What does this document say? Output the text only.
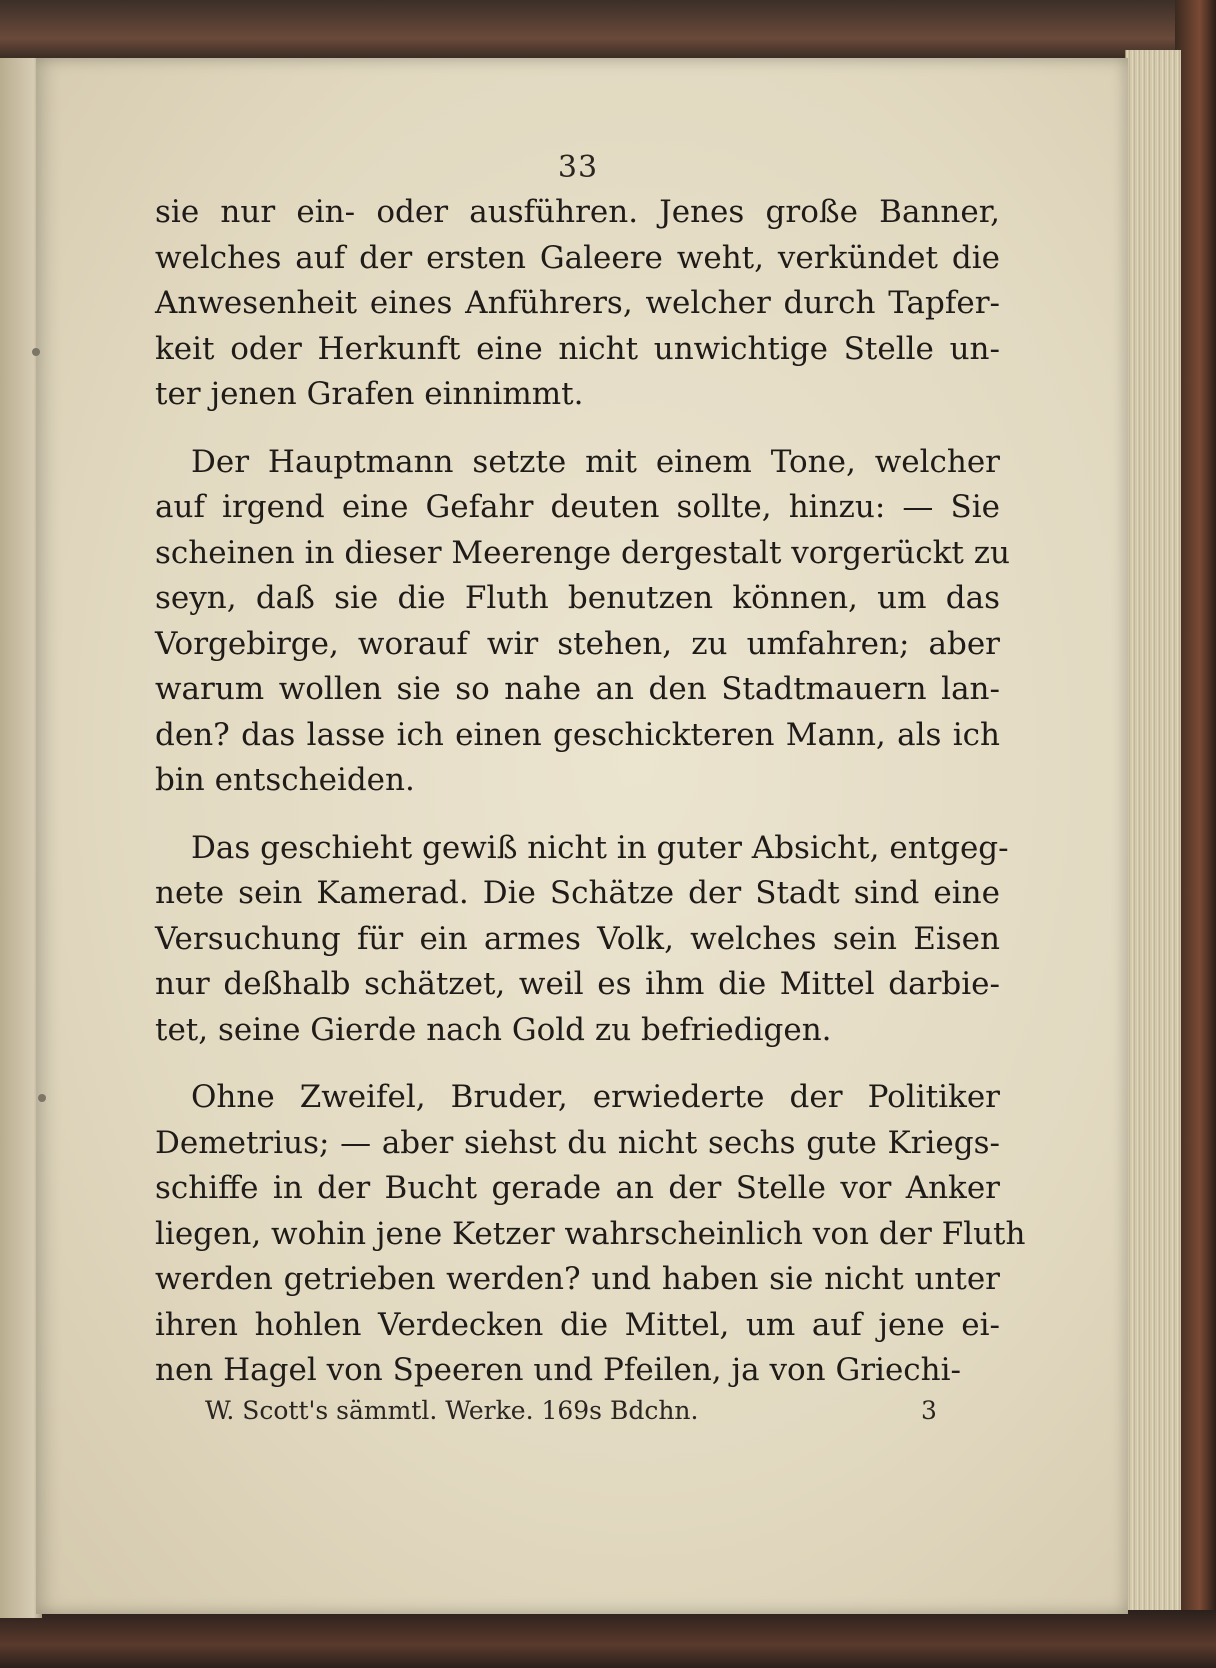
33
sie nur ein- oder ausführen. Jenes große Banner,
welches auf der ersten Galeere weht, verkündet die
Anwesenheit eines Anführers, welcher durch Tapfer-
keit oder Herkunft eine nicht unwichtige Stelle un-
ter jenen Grafen einnimmt.
Der Hauptmann setzte mit einem Tone, welcher
auf irgend eine Gefahr deuten sollte, hinzu: — Sie
scheinen in dieser Meerenge dergestalt vorgerückt zu
seyn, daß sie die Fluth benutzen können, um das
Vorgebirge, worauf wir stehen, zu umfahren; aber
warum wollen sie so nahe an den Stadtmauern lan-
den? das lasse ich einen geschickteren Mann, als ich
bin entscheiden.
Das geschieht gewiß nicht in guter Absicht, entgeg-
nete sein Kamerad. Die Schätze der Stadt sind eine
Versuchung für ein armes Volk, welches sein Eisen
nur deßhalb schätzet, weil es ihm die Mittel darbie-
tet, seine Gierde nach Gold zu befriedigen.
Ohne Zweifel, Bruder, erwiederte der Politiker
Demetrius; — aber siehst du nicht sechs gute Kriegs-
schiffe in der Bucht gerade an der Stelle vor Anker
liegen, wohin jene Ketzer wahrscheinlich von der Fluth
werden getrieben werden? und haben sie nicht unter
ihren hohlen Verdecken die Mittel, um auf jene ei-
nen Hagel von Speeren und Pfeilen, ja von Griechi-
W. Scott's sämmtl. Werke. 169s Bdchn.	3
